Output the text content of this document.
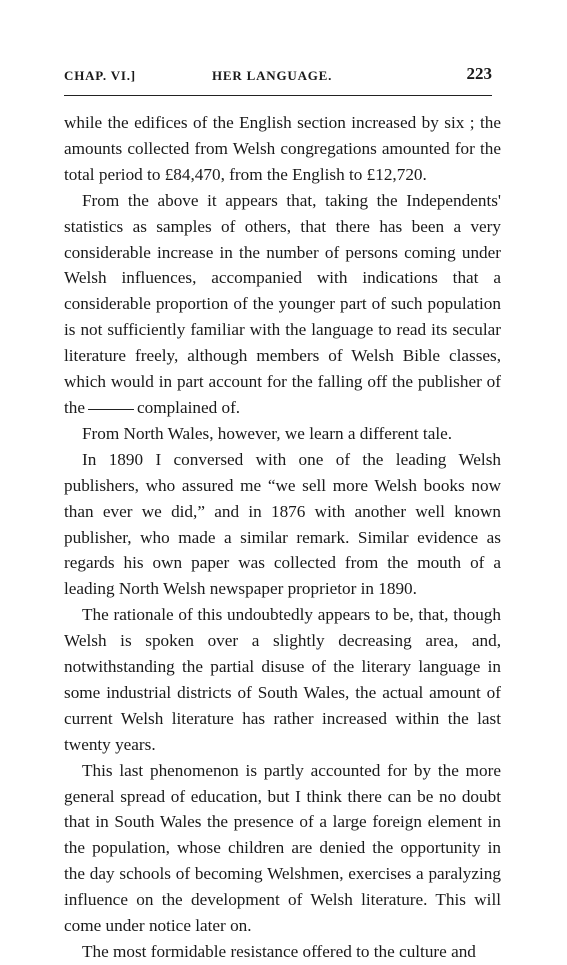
CHAP. VI.]	HER LANGUAGE.	223

while the edifices of the English section increased by six ; the amounts collected from Welsh congregations amounted for the total period to £84,470, from the English to £12,720.

From the above it appears that, taking the Independents' statistics as samples of others, that there has been a very considerable increase in the number of persons coming under Welsh influences, accompanied with indications that a considerable proportion of the younger part of such population is not sufficiently familiar with the language to read its secular literature freely, although members of Welsh Bible classes, which would in part account for the falling off the publisher of the	complained of.

From North Wales, however, we learn a different tale.

In 1890 I conversed with one of the leading Welsh publishers, who assured me “we sell more Welsh books now than ever we did,” and in 1876 with another well known publisher, who made a similar remark. Similar evidence as regards his own paper was collected from the mouth of a leading North Welsh newspaper proprietor in 1890.

The rationale of this undoubtedly appears to be, that, though Welsh is spoken over a slightly decreasing area, and, notwithstanding the partial disuse of the literary language in some industrial districts of South Wales, the actual amount of current Welsh literature has rather increased within the last twenty years.

This last phenomenon is partly accounted for by the more general spread of education, but I think there can be no doubt that in South Wales the presence of a large foreign element in the population, whose children are denied the opportunity in the day schools of becoming Welshmen, exercises a paralyzing influence on the development of Welsh literature. This will come under notice later on.

The most formidable resistance offered to the culture and
